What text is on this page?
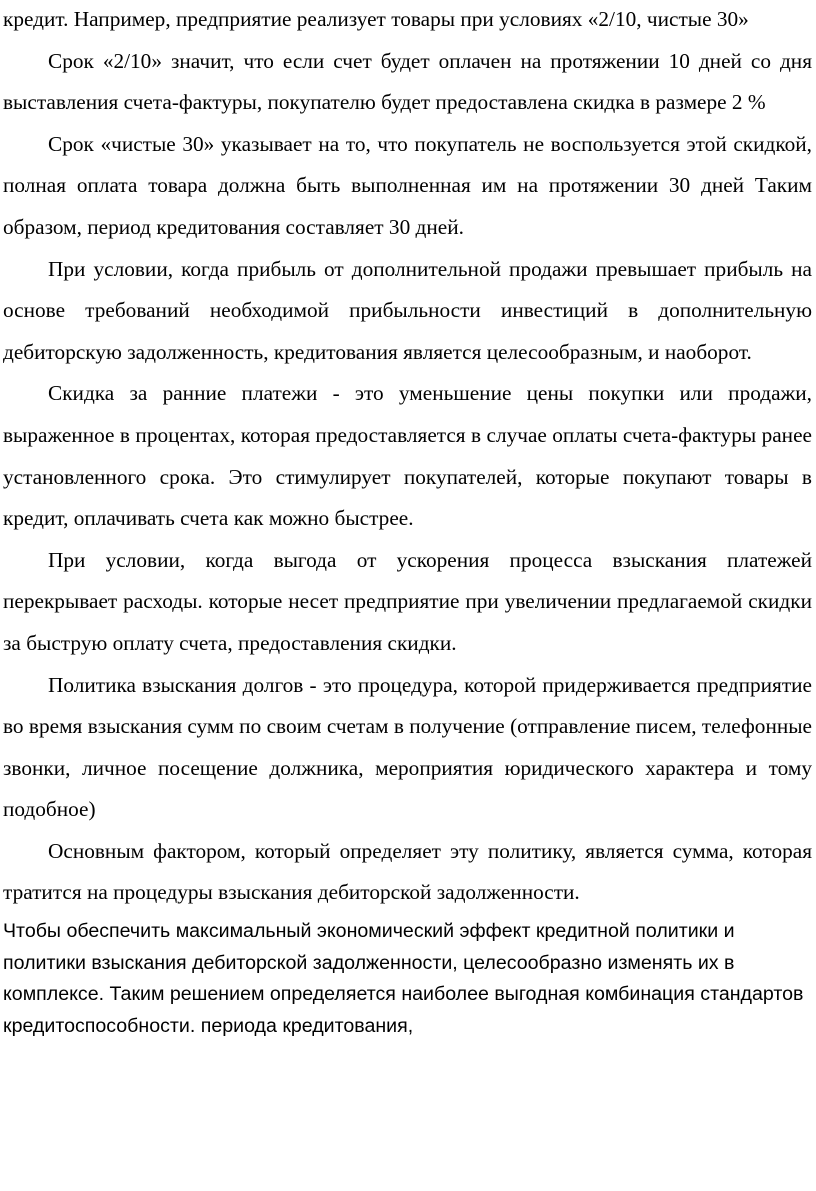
кредит. Например, предприятие реализует товары при условиях «2/10, чистые 30»

Срок «2/10» значит, что если счет будет оплачен на протяжении 10 дней со дня выставления счета-фактуры, покупателю будет предоставлена скидка в размере 2 %

Срок «чистые 30» указывает на то, что покупатель не воспользуется этой скидкой, полная оплата товара должна быть выполненная им на протяжении 30 дней Таким образом, период кредитования составляет 30 дней.

При условии, когда прибыль от дополнительной продажи превышает прибыль на основе требований необходимой прибыльности инвестиций в дополнительную дебиторскую задолженность, кредитования является целесообразным, и наоборот.

Скидка за ранние платежи - это уменьшение цены покупки или продажи, выраженное в процентах, которая предоставляется в случае оплаты счета-фактуры ранее установленного срока. Это стимулирует покупателей, которые покупают товары в кредит, оплачивать счета как можно быстрее.

При условии, когда выгода от ускорения процесса взыскания платежей перекрывает расходы. которые несет предприятие при увеличении предлагаемой скидки за быструю оплату счета, предоставления скидки.

Политика взыскания долгов - это процедура, которой придерживается предприятие во время взыскания сумм по своим счетам в получение (отправление писем, телефонные звонки, личное посещение должника, мероприятия юридического характера и тому подобное)

Основным фактором, который определяет эту политику, является сумма, которая тратится на процедуры взыскания дебиторской задолженности.

Чтобы обеспечить максимальный экономический эффект кредитной политики и политики взыскания дебиторской задолженности, целесообразно изменять их в комплексе. Таким решением определяется наиболее выгодная комбинация стандартов кредитоспособности. периода кредитования,
